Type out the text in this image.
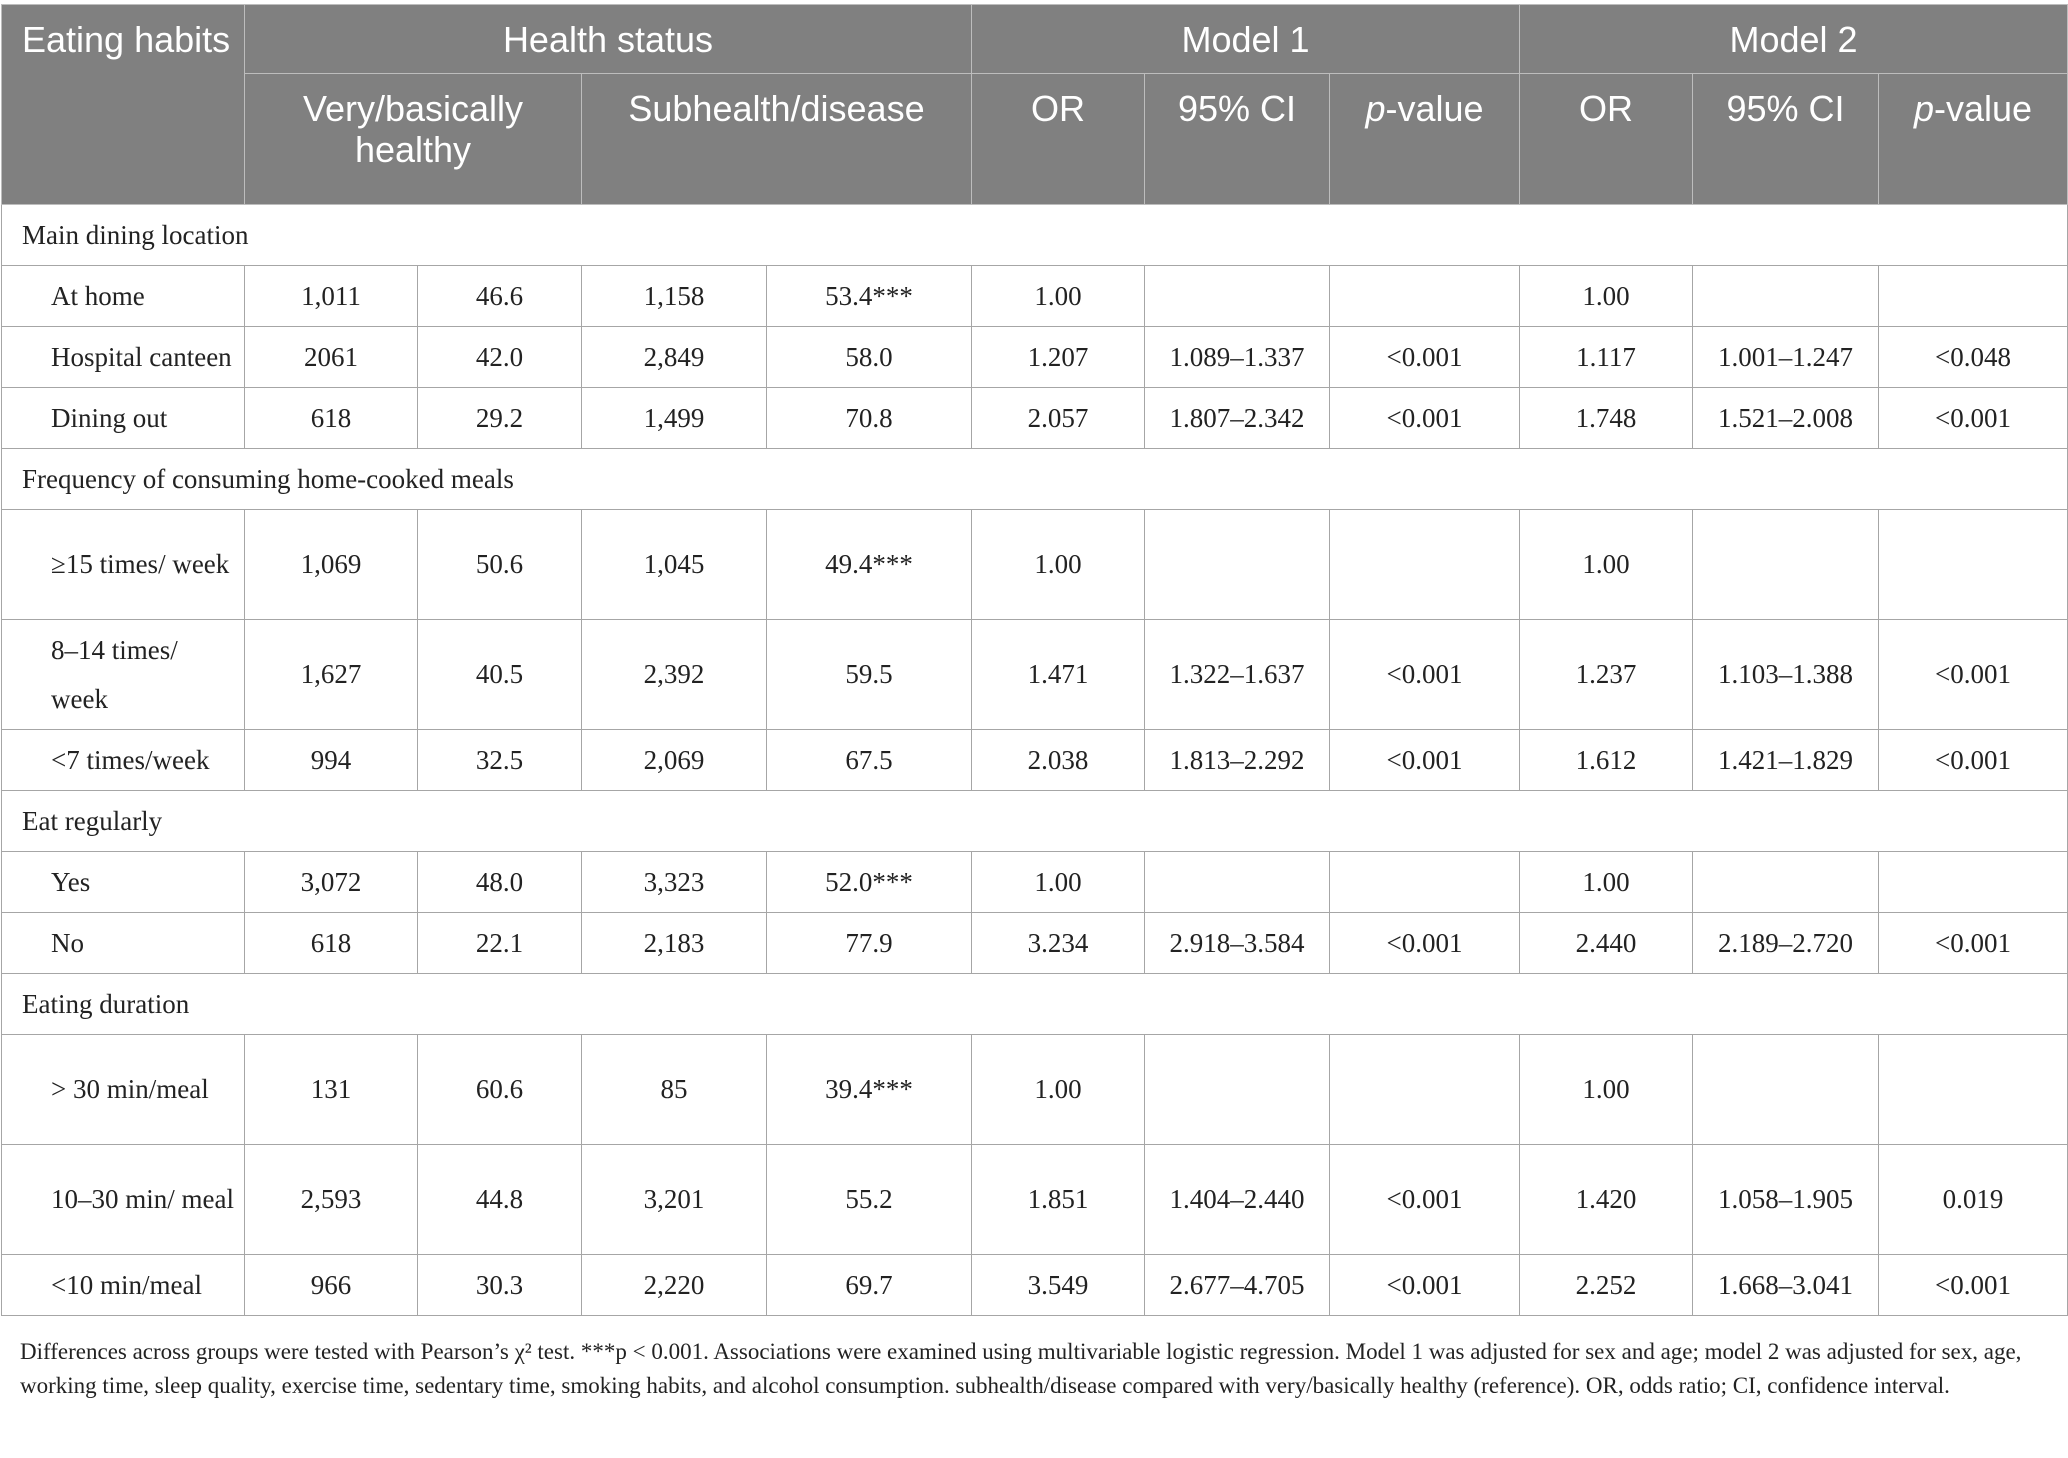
Eating habits	Health status				Model 1			Model 2		
	Very/basically healthy		Subhealth/disease		OR	95% CI	p-value	OR	95% CI	p-value
Main dining location										
At home	1,011	46.6	1,158	53.4***	1.00			1.00		
Hospital canteen	2061	42.0	2,849	58.0	1.207	1.089–1.337	<0.001	1.117	1.001–1.247	<0.048
Dining out	618	29.2	1,499	70.8	2.057	1.807–2.342	<0.001	1.748	1.521–2.008	<0.001
Frequency of consuming home-cooked meals										
≥15 times/ week	1,069	50.6	1,045	49.4***	1.00			1.00		
8–14 times/ week	1,627	40.5	2,392	59.5	1.471	1.322–1.637	<0.001	1.237	1.103–1.388	<0.001
<7 times/week	994	32.5	2,069	67.5	2.038	1.813–2.292	<0.001	1.612	1.421–1.829	<0.001
Eat regularly										
Yes	3,072	48.0	3,323	52.0***	1.00			1.00		
No	618	22.1	2,183	77.9	3.234	2.918–3.584	<0.001	2.440	2.189–2.720	<0.001
Eating duration										
> 30 min/meal	131	60.6	85	39.4***	1.00			1.00		
10–30 min/ meal	2,593	44.8	3,201	55.2	1.851	1.404–2.440	<0.001	1.420	1.058–1.905	0.019
<10 min/meal	966	30.3	2,220	69.7	3.549	2.677–4.705	<0.001	2.252	1.668–3.041	<0.001
Differences across groups were tested with Pearson’s χ² test. ***p < 0.001. Associations were examined using multivariable logistic regression. Model 1 was adjusted for sex and age; model 2 was adjusted for sex, age, working time, sleep quality, exercise time, sedentary time, smoking habits, and alcohol consumption. subhealth/disease compared with very/basically healthy (reference). OR, odds ratio; CI, confidence interval.
